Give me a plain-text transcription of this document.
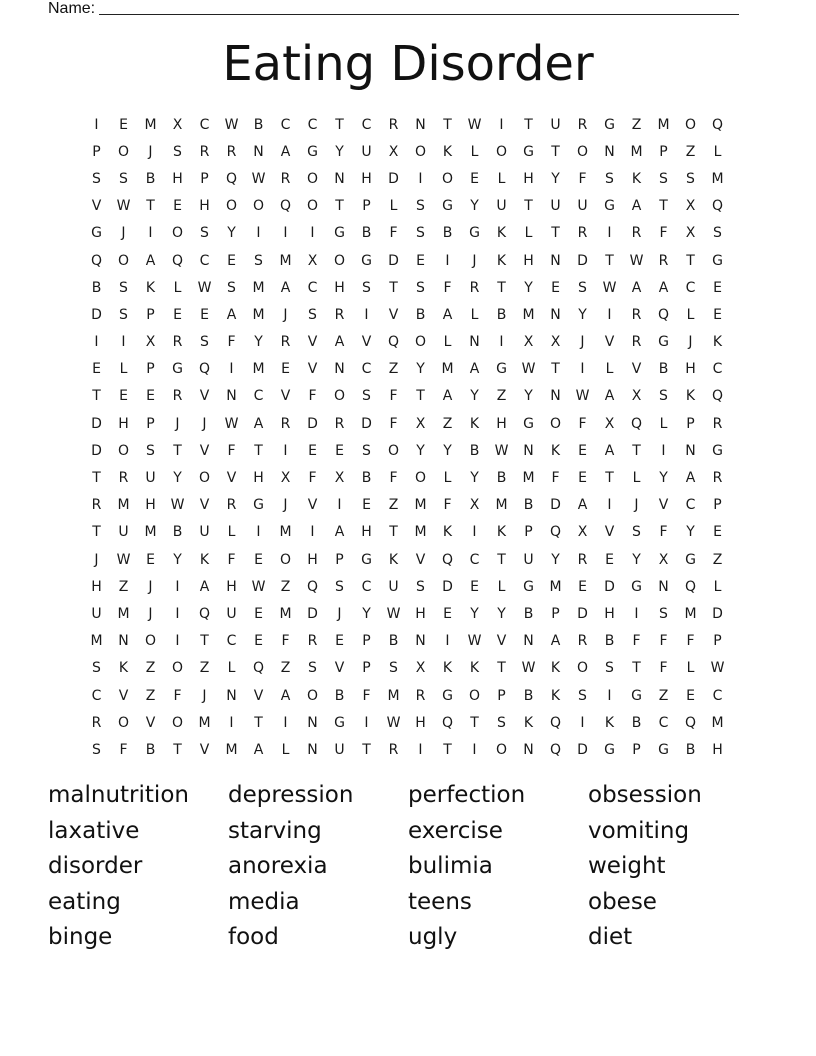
Name:
Eating Disorder
I	E	M	X	C	W	B	C	C	T	C	R	N	T	W	I	T	U	R	G	Z	M	O	Q
P	O	J	S	R	R	N	A	G	Y	U	X	O	K	L	O	G	T	O	N	M	P	Z	L
S	S	B	H	P	Q	W	R	O	N	H	D	I	O	E	L	H	Y	F	S	K	S	S	M
V	W	T	E	H	O	O	Q	O	T	P	L	S	G	Y	U	T	U	U	G	A	T	X	Q
G	J	I	O	S	Y	I	I	I	G	B	F	S	B	G	K	L	T	R	I	R	F	X	S
Q	O	A	Q	C	E	S	M	X	O	G	D	E	I	J	K	H	N	D	T	W	R	T	G
B	S	K	L	W	S	M	A	C	H	S	T	S	F	R	T	Y	E	S	W	A	A	C	E
D	S	P	E	E	A	M	J	S	R	I	V	B	A	L	B	M	N	Y	I	R	Q	L	E
I	I	X	R	S	F	Y	R	V	A	V	Q	O	L	N	I	X	X	J	V	R	G	J	K
E	L	P	G	Q	I	M	E	V	N	C	Z	Y	M	A	G	W	T	I	L	V	B	H	C
T	E	E	R	V	N	C	V	F	O	S	F	T	A	Y	Z	Y	N	W	A	X	S	K	Q
D	H	P	J	J	W	A	R	D	R	D	F	X	Z	K	H	G	O	F	X	Q	L	P	R
D	O	S	T	V	F	T	I	E	E	S	O	Y	Y	B	W	N	K	E	A	T	I	N	G
T	R	U	Y	O	V	H	X	F	X	B	F	O	L	Y	B	M	F	E	T	L	Y	A	R
R	M	H	W	V	R	G	J	V	I	E	Z	M	F	X	M	B	D	A	I	J	V	C	P
T	U	M	B	U	L	I	M	I	A	H	T	M	K	I	K	P	Q	X	V	S	F	Y	E
J	W	E	Y	K	F	E	O	H	P	G	K	V	Q	C	T	U	Y	R	E	Y	X	G	Z
H	Z	J	I	A	H	W	Z	Q	S	C	U	S	D	E	L	G	M	E	D	G	N	Q	L
U	M	J	I	Q	U	E	M	D	J	Y	W	H	E	Y	Y	B	P	D	H	I	S	M	D
M	N	O	I	T	C	E	F	R	E	P	B	N	I	W	V	N	A	R	B	F	F	F	P
S	K	Z	O	Z	L	Q	Z	S	V	P	S	X	K	K	T	W	K	O	S	T	F	L	W
C	V	Z	F	J	N	V	A	O	B	F	M	R	G	O	P	B	K	S	I	G	Z	E	C
R	O	V	O	M	I	T	I	N	G	I	W	H	Q	T	S	K	Q	I	K	B	C	Q	M
S	F	B	T	V	M	A	L	N	U	T	R	I	T	I	O	N	Q	D	G	P	G	B	H
malnutrition	depression	perfection	obsession
laxative	starving	exercise	vomiting
disorder	anorexia	bulimia	weight
eating	media	teens	obese
binge	food	ugly	diet
